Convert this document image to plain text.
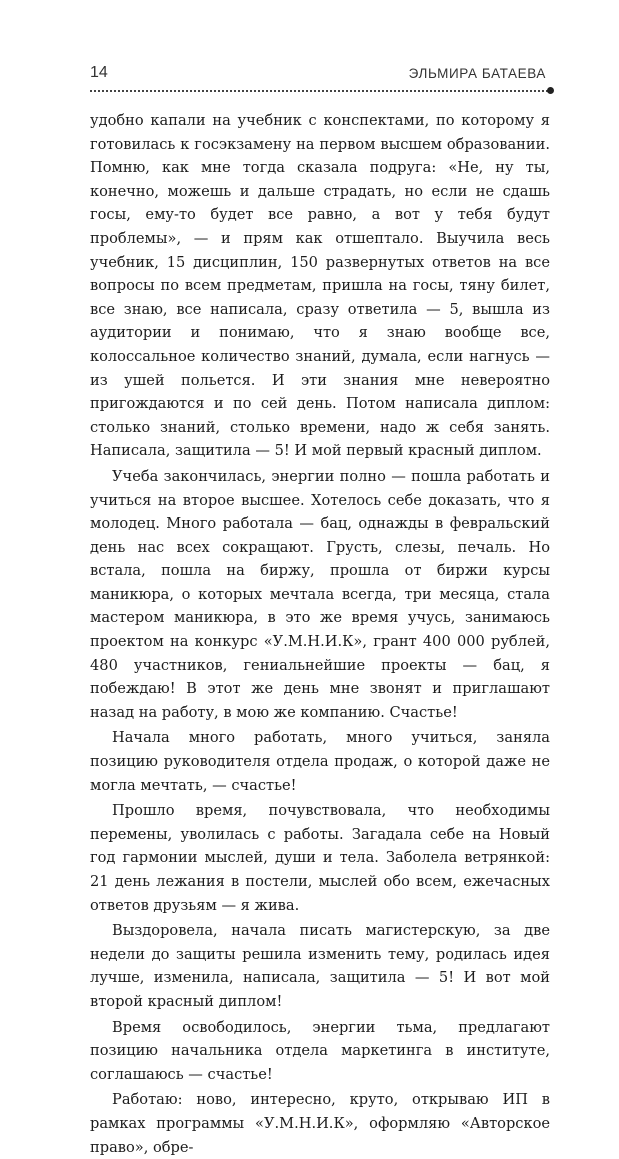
14	ЭЛЬМИРА БАТАЕВА

удобно капали на учебник с конспектами, по которому я готовилась к госэкзамену на первом высшем образовании. Помню, как мне тогда сказала подруга: «Не, ну ты, конечно, можешь и дальше страдать, но если не сдашь госы, ему-то будет все равно, а вот у тебя будут проблемы», — и прям как отшептало. Выучила весь учебник, 15 дисциплин, 150 развернутых ответов на все вопросы по всем предметам, пришла на госы, тяну билет, все знаю, все написала, сразу ответила — 5, вышла из аудитории и понимаю, что я знаю вообще все, колоссальное количество знаний, думала, если нагнусь — из ушей польется. И эти знания мне невероятно пригождаются и по сей день. Потом написала диплом: столько знаний, столько времени, надо ж себя занять. Написала, защитила — 5! И мой первый красный диплом.

Учеба закончилась, энергии полно — пошла работать и учиться на второе высшее. Хотелось себе доказать, что я молодец. Много работала — бац, однажды в февральский день нас всех сокращают. Грусть, слезы, печаль. Но встала, пошла на биржу, прошла от биржи курсы маникюра, о которых мечтала всегда, три месяца, стала мастером маникюра, в это же время учусь, занимаюсь проектом на конкурс «У.М.Н.И.К», грант 400 000 рублей, 480 участников, гениальнейшие проекты — бац, я побеждаю! В этот же день мне звонят и приглашают назад на работу, в мою же компанию. Счастье!

Начала много работать, много учиться, заняла позицию руководителя отдела продаж, о которой даже не могла мечтать, — счастье!

Прошло время, почувствовала, что необходимы перемены, уволилась с работы. Загадала себе на Новый год гармонии мыслей, души и тела. Заболела ветрянкой: 21 день лежания в постели, мыслей обо всем, ежечасных ответов друзьям — я жива.

Выздоровела, начала писать магистерскую, за две недели до защиты решила изменить тему, родилась идея лучше, изменила, написала, защитила — 5! И вот мой второй красный диплом!

Время освободилось, энергии тьма, предлагают позицию начальника отдела маркетинга в институте, соглашаюсь — счастье!

Работаю: ново, интересно, круто, открываю ИП в рамках программы «У.М.Н.И.К», оформляю «Авторское право», обре-
